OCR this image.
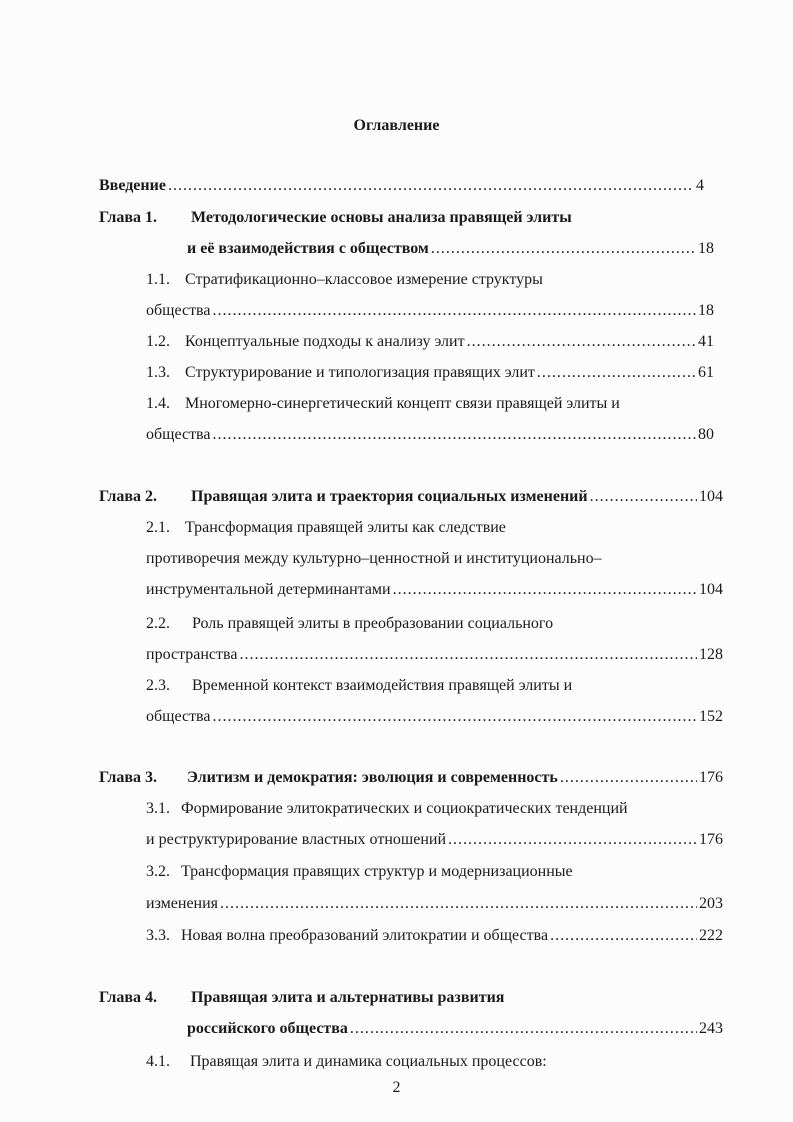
Оглавление
Введение . . .	4
Глава 1. Методологические основы анализа правящей элиты
и её взаимодействия с обществом . . .	18
1.1. Стратификационно–классовое измерение структуры
общества . . .	18
1.2. Концептуальные подходы к анализу элит . . .	41
1.3. Структурирование и типологизация правящих элит . . .	61
1.4. Многомерно-синергетический концепт связи правящей элиты и
общества . . .	80
Глава 2.	Правящая элита и траектория социальных изменений . . .	104
2.1. Трансформация правящей элиты как следствие
противоречия между культурно–ценностной и институционально–
инструментальной детерминантами . . .	104
2.2. Роль правящей элиты в преобразовании социального
пространства . . .	128
2.3. Временной контекст взаимодействия правящей элиты и
общества . . .	152
Глава 3.	Элитизм и демократия: эволюция и современность . . .	176
3.1. Формирование элитократических и социократических тенденций
и реструктурирование властных отношений . . .	176
3.2. Трансформация правящих структур и модернизационные
изменения . . .	203
3.3. Новая волна преобразований элитократии и общества . . .	222
Глава 4. Правящая элита и альтернативы развития
российского общества . . .	243
4.1. Правящая элита и динамика социальных процессов:
2
